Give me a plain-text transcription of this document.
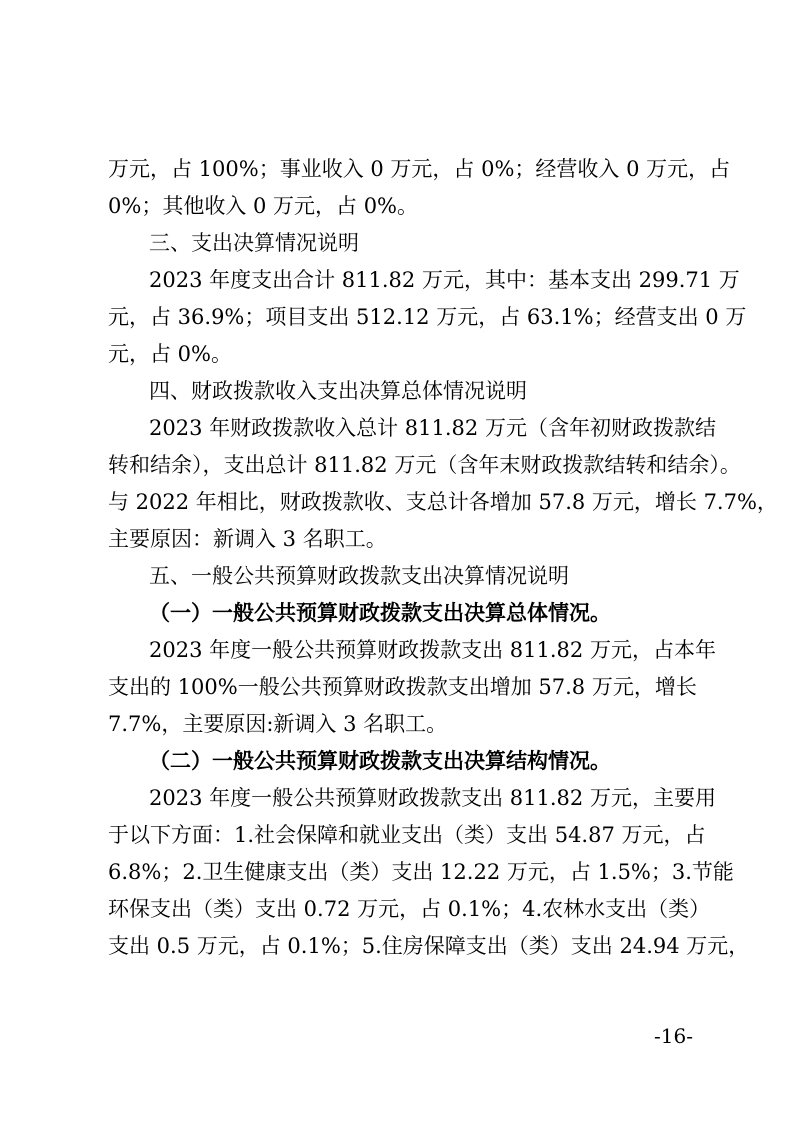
万元，占 100%；事业收入 0 万元，占 0%；经营收入 0 万元，占
0%；其他收入 0 万元，占 0%。
三、支出决算情况说明
2023 年度支出合计 811.82 万元，其中：基本支出 299.71 万
元，占 36.9%；项目支出 512.12 万元，占 63.1%；经营支出 0 万
元，占 0%。
四、财政拨款收入支出决算总体情况说明
2023 年财政拨款收入总计 811.82 万元（含年初财政拨款结
转和结余），支出总计 811.82 万元（含年末财政拨款结转和结余）。
与 2022 年相比，财政拨款收、支总计各增加 57.8 万元，增长 7.7%，
主要原因：新调入 3 名职工。
五、一般公共预算财政拨款支出决算情况说明
（一）一般公共预算财政拨款支出决算总体情况。
2023 年度一般公共预算财政拨款支出 811.82 万元，占本年
支出的 100%一般公共预算财政拨款支出增加 57.8 万元，增长
7.7%，主要原因:新调入 3 名职工。
（二）一般公共预算财政拨款支出决算结构情况。
2023 年度一般公共预算财政拨款支出 811.82 万元，主要用
于以下方面：1.社会保障和就业支出（类）支出 54.87 万元，占
6.8%；2.卫生健康支出（类）支出 12.22 万元，占 1.5%；3.节能
环保支出（类）支出 0.72 万元，占 0.1%；4.农林水支出（类）
支出 0.5 万元，占 0.1%；5.住房保障支出（类）支出 24.94 万元，
-16-
